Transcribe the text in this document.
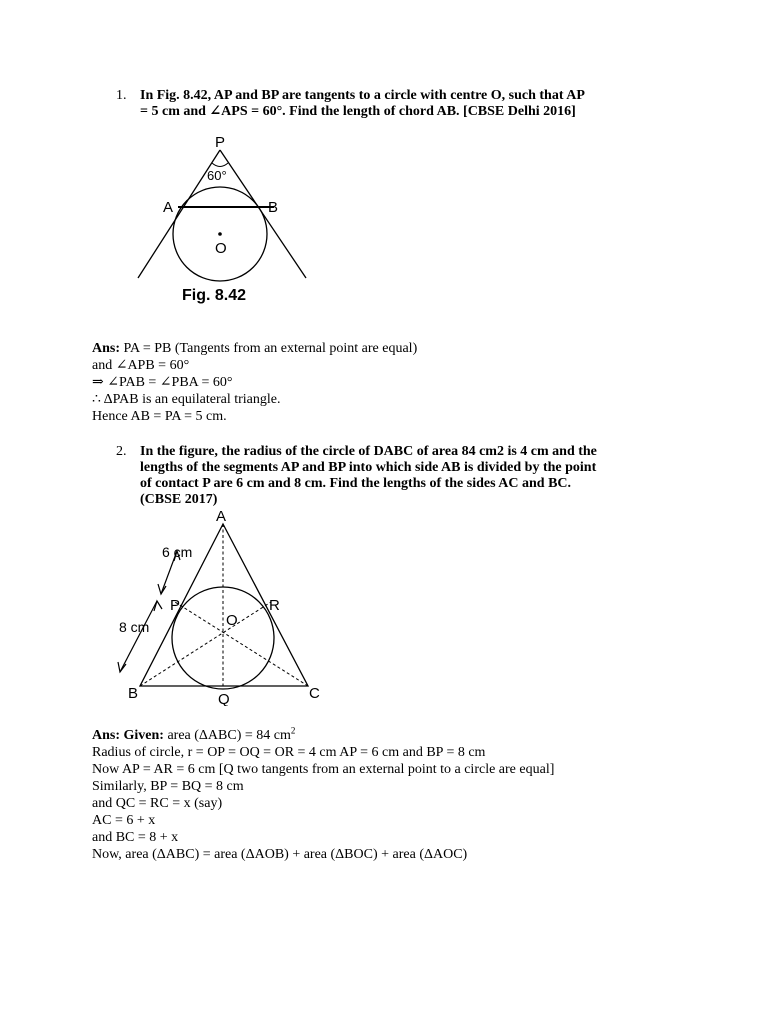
1. In Fig. 8.42, AP and BP are tangents to a circle with centre O, such that AP
= 5 cm and ∠APS = 60°. Find the length of chord AB. [CBSE Delhi 2016]
P
60°
A	B
O
Fig. 8.42
Ans: PA = PB (Tangents from an external point are equal)
and ∠APB = 60°
⇒ ∠PAB = ∠PBA = 60°
∴ ΔPAB is an equilateral triangle.
Hence AB = PA = 5 cm.
2. In the figure, the radius of the circle of DABC of area 84 cm2 is 4 cm and the
lengths of the segments AP and BP into which side AB is divided by the point
of contact P are 6 cm and 8 cm. Find the lengths of the sides AC and BC.
(CBSE 2017)
A
6 cm
P	R
O
8 cm
B	Q	C
Ans: Given: area (ΔABC) = 84 $cm^2$
Radius of circle, r = OP = OQ = OR = 4 cm AP = 6 cm and BP = 8 cm
Now AP = AR = 6 cm [Q two tangents from an external point to a circle are equal]
Similarly, BP = BQ = 8 cm
and QC = RC = x (say)
AC = 6 + x
and BC = 8 + x
Now, area (ΔABC) = area (ΔAOB) + area (ΔBOC) + area (ΔAOC)
